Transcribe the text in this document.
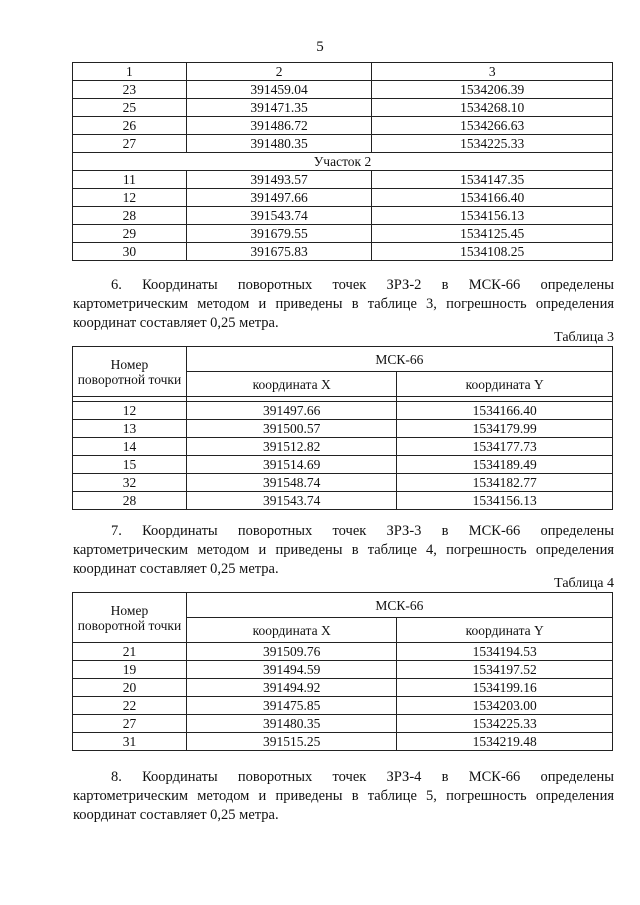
5
1	2	3
23	391459.04	1534206.39
25	391471.35	1534268.10
26	391486.72	1534266.63
27	391480.35	1534225.33
Участок 2		
11	391493.57	1534147.35
12	391497.66	1534166.40
28	391543.74	1534156.13
29	391679.55	1534125.45
30	391675.83	1534108.25
6. Координаты поворотных точек ЗРЗ-2 в МСК-66 определены картометрическим методом и приведены в таблице 3, погрешность определения координат составляет 0,25 метра.
Таблица 3
Номер поворотной точки	МСК-66	
	координата X	координата Y

12	391497.66	1534166.40
13	391500.57	1534179.99
14	391512.82	1534177.73
15	391514.69	1534189.49
32	391548.74	1534182.77
28	391543.74	1534156.13
7. Координаты поворотных точек ЗРЗ-3 в МСК-66 определены картометрическим методом и приведены в таблице 4, погрешность определения координат составляет 0,25 метра.
Таблица 4
Номер поворотной точки	МСК-66	
	координата X	координата Y
21	391509.76	1534194.53
19	391494.59	1534197.52
20	391494.92	1534199.16
22	391475.85	1534203.00
27	391480.35	1534225.33
31	391515.25	1534219.48
8. Координаты поворотных точек ЗРЗ-4 в МСК-66 определены картометрическим методом и приведены в таблице 5, погрешность определения координат составляет 0,25 метра.
